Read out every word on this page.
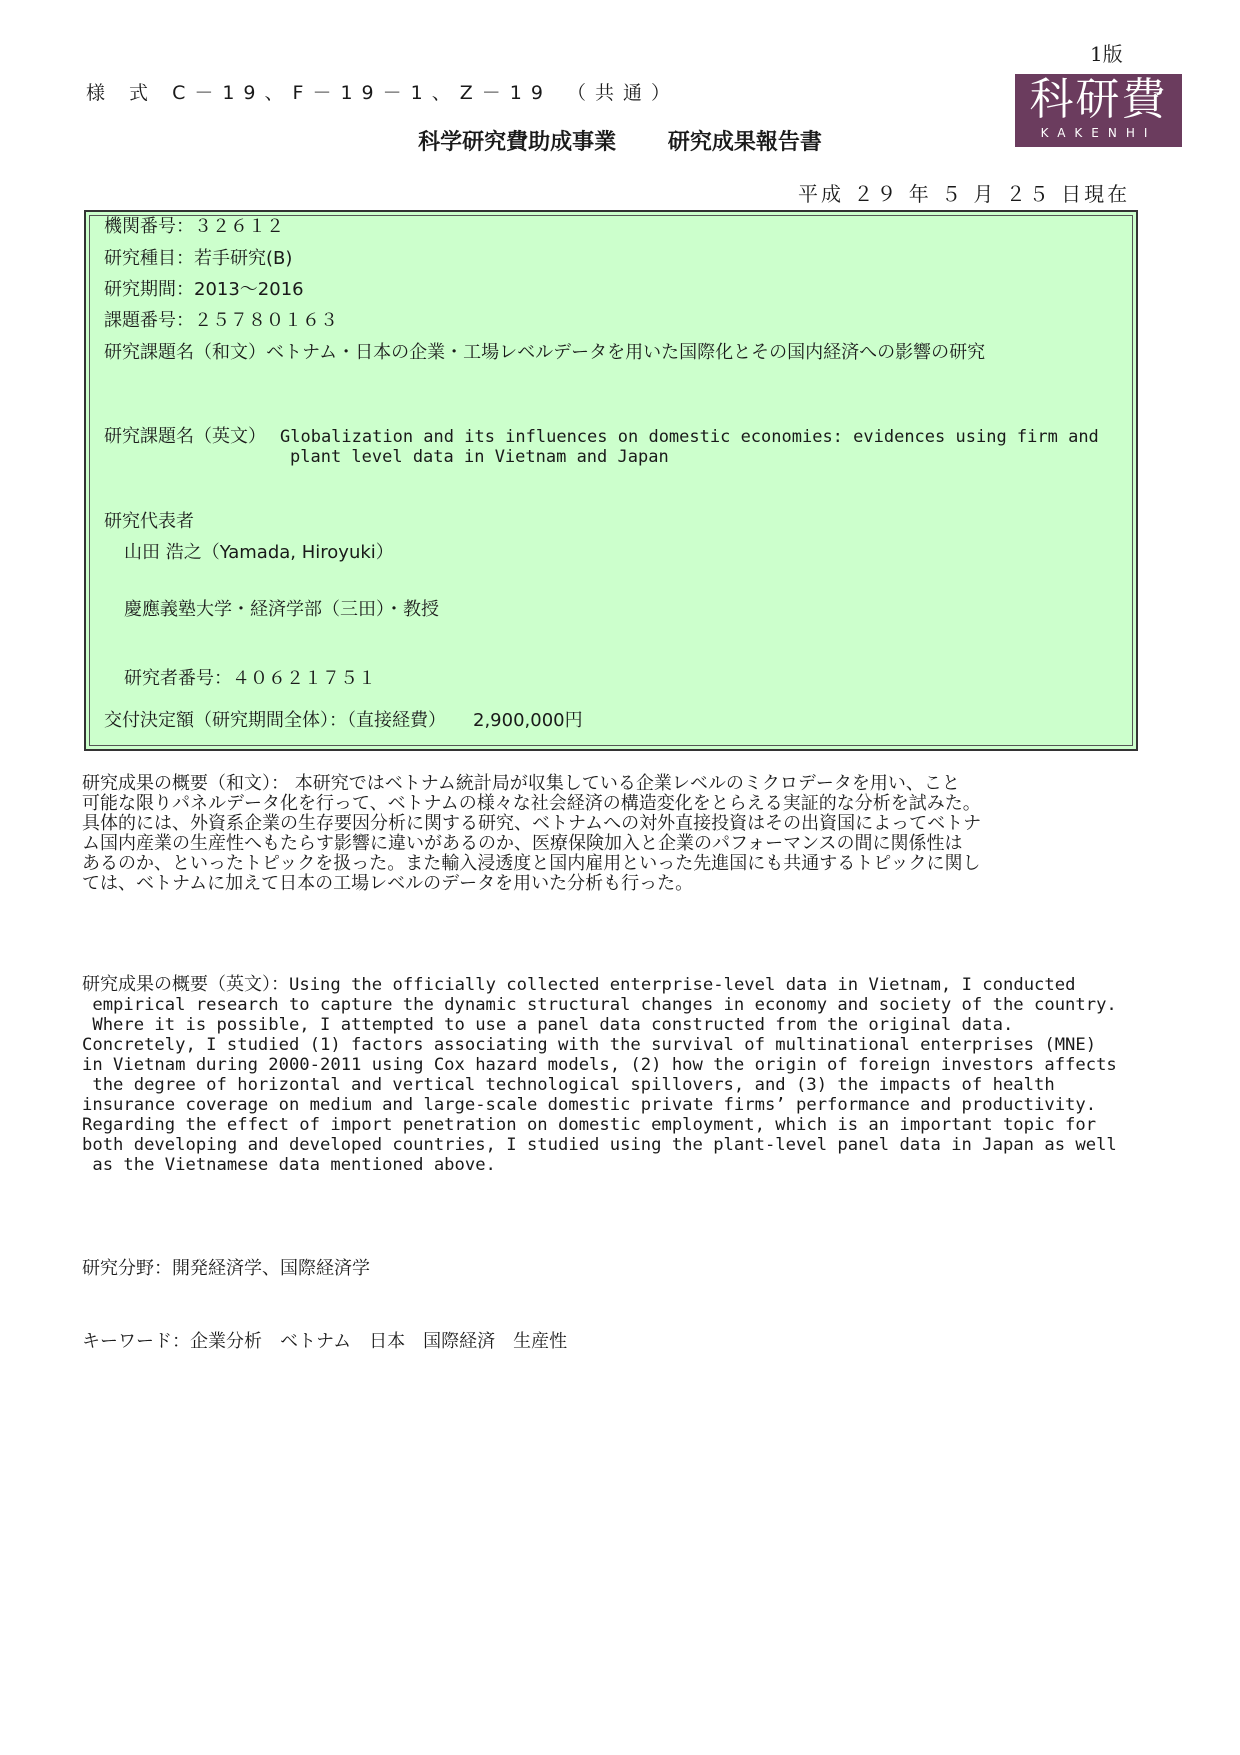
1版
様 式 C－19、F－19－1、Z－19 （共通）	科研費
KAKENHI
科学研究費助成事業 研究成果報告書
平成 ２９ 年 ５ 月 ２５ 日現在
機関番号：３２６１２
研究種目：若手研究(B)
研究期間：2013～2016
課題番号：２５７８０１６３
研究課題名（和文）ベトナム・日本の企業・工場レベルデータを用いた国際化とその国内経済への影響の研究
研究課題名（英文） Globalization and its influences on domestic economies: evidences using firm and
plant level data in Vietnam and Japan
研究代表者
山田 浩之（Yamada, Hiroyuki）
慶應義塾大学・経済学部（三田）・教授
研究者番号：４０６２１７５１
交付決定額（研究期間全体）：（直接経費）　　2,900,000円
研究成果の概要（和文）： 本研究ではベトナム統計局が収集している企業レベルのミクロデータを用い、こと
可能な限りパネルデータ化を行って、ベトナムの様々な社会経済の構造変化をとらえる実証的な分析を試みた。
具体的には、外資系企業の生存要因分析に関する研究、ベトナムへの対外直接投資はその出資国によってベトナ
ム国内産業の生産性へもたらす影響に違いがあるのか、医療保険加入と企業のパフォーマンスの間に関係性は
あるのか、といったトピックを扱った。また輸入浸透度と国内雇用といった先進国にも共通するトピックに関し
ては、ベトナムに加えて日本の工場レベルのデータを用いた分析も行った。
研究成果の概要（英文）：Using the officially collected enterprise-level data in Vietnam, I conducted
empirical research to capture the dynamic structural changes in economy and society of the country.
Where it is possible, I attempted to use a panel data constructed from the original data.
Concretely, I studied (1) factors associating with the survival of multinational enterprises (MNE)
in Vietnam during 2000-2011 using Cox hazard models, (2) how the origin of foreign investors affects
the degree of horizontal and vertical technological spillovers, and (3) the impacts of health
insurance coverage on medium and large-scale domestic private firms’ performance and productivity.
Regarding the effect of import penetration on domestic employment, which is an important topic for
both developing and developed countries, I studied using the plant-level panel data in Japan as well
as the Vietnamese data mentioned above.
研究分野：開発経済学、国際経済学
キーワード：企業分析　ベトナム　日本　国際経済　生産性
